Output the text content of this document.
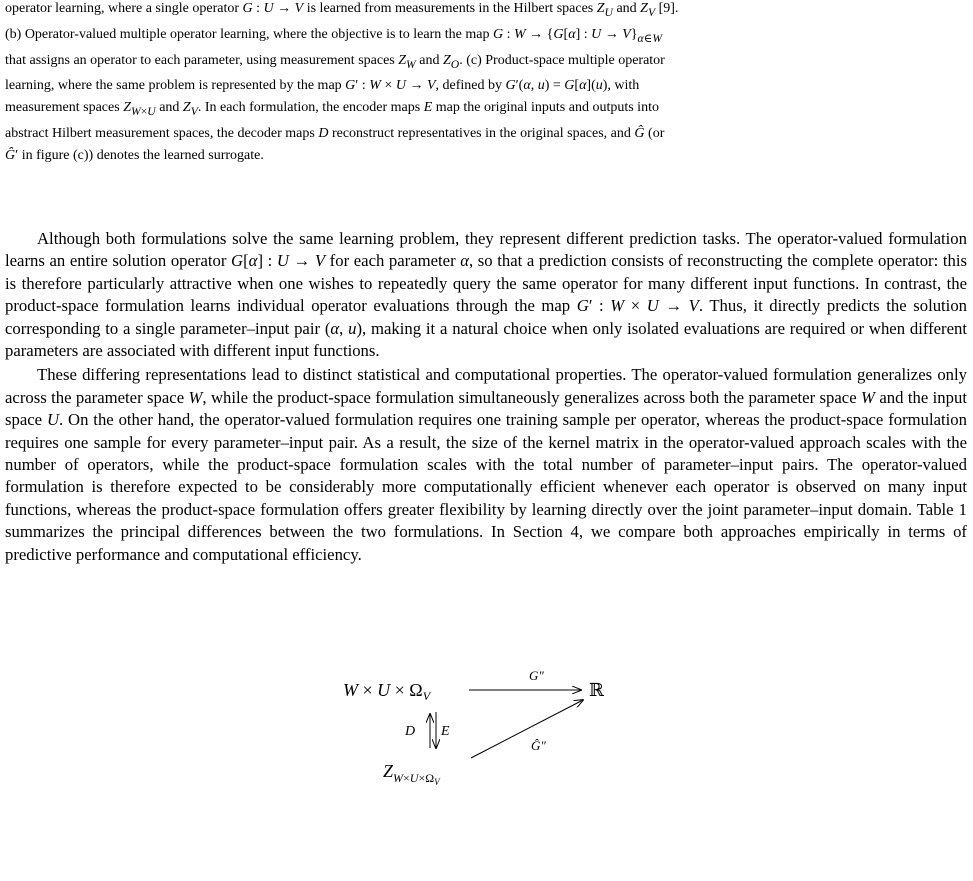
operator learning, where a single operator G : U → V is learned from measurements in the Hilbert spaces $Z_U$ and $Z_V$ [9].
(b) Operator-valued multiple operator learning, where the objective is to learn the map G : W → {G[α] : $U \to V\}_{\alpha\in W}$
that assigns an operator to each parameter, using measurement spaces $Z_W$ and $Z_O$. (c) Product-space multiple operator
learning, where the same problem is represented by the map G′ : W × U → V, defined by G′(α, u) = G[α](u), with
measurement spaces $Z_{W\times U}$ and $Z_V$. In each formulation, the encoder maps E map the original inputs and outputs into
abstract Hilbert measurement spaces, the decoder maps D reconstruct representatives in the original spaces, and Ĝ (or
Ĝ′ in figure (c)) denotes the learned surrogate.

Although both formulations solve the same learning problem, they represent different prediction tasks. The operator-valued formulation learns an entire solution operator G[α] : U → V for each parameter α, so that a prediction consists of reconstructing the complete operator: this is therefore particularly attractive when one wishes to repeatedly query the same operator for many different input functions. In contrast, the product-space formulation learns individual operator evaluations through the map G′ : W × U → V. Thus, it directly predicts the solution corresponding to a single parameter–input pair (α, u), making it a natural choice when only isolated evaluations are required or when different parameters are associated with different input functions.

These differing representations lead to distinct statistical and computational properties. The operator-valued formulation generalizes only across the parameter space W, while the product-space formulation simultaneously generalizes across both the parameter space W and the input space U. On the other hand, the operator-valued formulation requires one training sample per operator, whereas the product-space formulation requires one sample for every parameter–input pair. As a result, the size of the kernel matrix in the operator-valued approach scales with the number of operators, while the product-space formulation scales with the total number of parameter–input pairs. The operator-valued formulation is therefore expected to be considerably more computationally efficient whenever each operator is observed on many input functions, whereas the product-space formulation offers greater flexibility by learning directly over the joint parameter–input domain. Table 1 summarizes the principal differences between the two formulations. In Section 4, we compare both approaches empirically in terms of predictive performance and computational efficiency.

$W \times U \times \Omega_V$	ℝ
G″
D E
$Z_W\times U\times\Omega V$
Ĝ″
